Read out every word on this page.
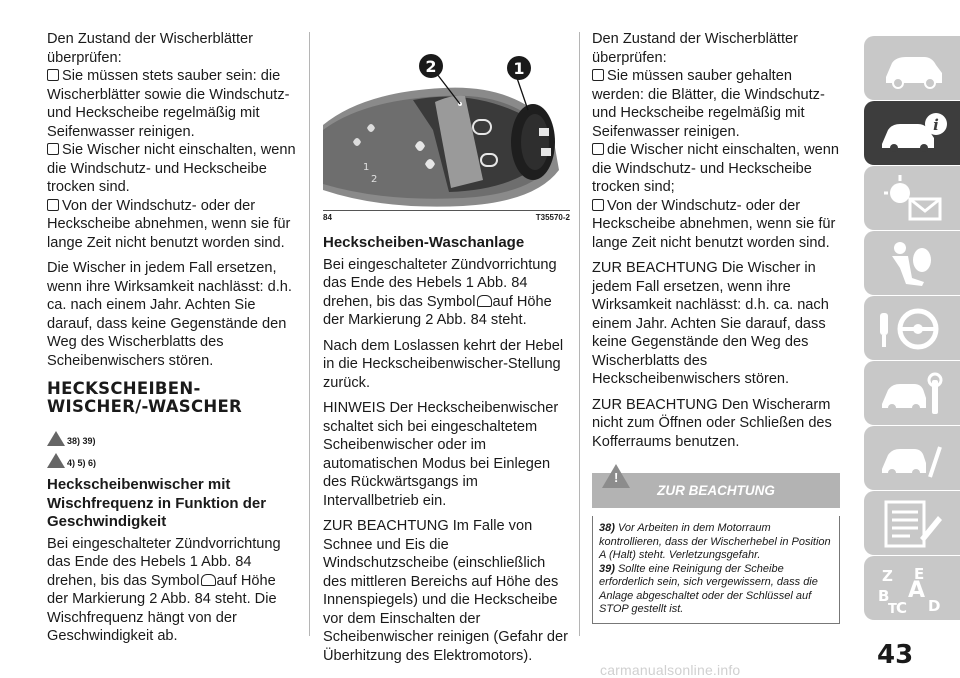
Den Zustand der Wischerblätter überprüfen:

Sie müssen stets sauber sein: die Wischerblätter sowie die Windschutz- und Heckscheibe regelmäßig mit Seifenwasser reinigen.

Sie Wischer nicht einschalten, wenn die Windschutz- und Heckscheibe trocken sind.

Von der Windschutz- oder der Heckscheibe abnehmen, wenn sie für lange Zeit nicht benutzt worden sind.

Die Wischer in jedem Fall ersetzen, wenn ihre Wirksamkeit nachlässt: d.h. ca. nach einem Jahr. Achten Sie darauf, dass keine Gegenstände den Weg des Wischerblatts des Scheibenwischers stören.

HECKSCHEIBEN-
WISCHER/-WASCHER
38) 39)
4) 5) 6)
Heckscheibenwischer mit Wischfrequenz in Funktion der Geschwindigkeit

Bei eingeschalteter Zündvorrichtung das Ende des Hebels 1 Abb. 84 drehen, bis das Symbol auf Höhe der Markierung 2 Abb. 84 steht. Die Wischfrequenz hängt von der Geschwindigkeit ab.

1
2
2	1
84	T35570-2
Heckscheiben-Waschanlage

Bei eingeschalteter Zündvorrichtung das Ende des Hebels 1 Abb. 84 drehen, bis das Symbol auf Höhe der Markierung 2 Abb. 84 steht.

Nach dem Loslassen kehrt der Hebel in die Heckscheibenwischer-Stellung zurück.

HINWEIS Der Heckscheibenwischer schaltet sich bei eingeschaltetem Scheibenwischer oder im automatischen Modus bei Einlegen des Rückwärtsgangs im Intervallbetrieb ein.

ZUR BEACHTUNG Im Falle von Schnee und Eis die Windschutzscheibe (einschließlich des mittleren Bereichs auf Höhe des Innenspiegels) und die Heckscheibe vor dem Einschalten der Scheibenwischer reinigen (Gefahr der Überhitzung des Elektromotors).

Den Zustand der Wischerblätter überprüfen:

Sie müssen sauber gehalten werden: die Blätter, die Windschutz- und Heckscheibe regelmäßig mit Seifenwasser reinigen.

die Wischer nicht einschalten, wenn die Windschutz- und Heckscheibe trocken sind;

Von der Windschutz- oder der Heckscheibe abnehmen, wenn sie für lange Zeit nicht benutzt worden sind.

ZUR BEACHTUNG Die Wischer in jedem Fall ersetzen, wenn ihre Wirksamkeit nachlässt: d.h. ca. nach einem Jahr. Achten Sie darauf, dass keine Gegenstände den Weg des Wischerblatts des Heckscheibenwischers stören.

ZUR BEACHTUNG Den Wischerarm nicht zum Öffnen oder Schließen des Kofferraums benutzen.

!
ZUR BEACHTUNG
38) Vor Arbeiten in dem Motorraum kontrollieren, dass der Wischerhebel in Position A (Halt) steht. Verletzungsgefahr.
39) Sollte eine Reinigung der Scheibe erforderlich sein, sich vergewissern, dass die Anlage abgeschaltet oder der Schlüssel auf STOP gestellt ist.
i
Z E
B A
C
T D
43
carmanualsonline.info
